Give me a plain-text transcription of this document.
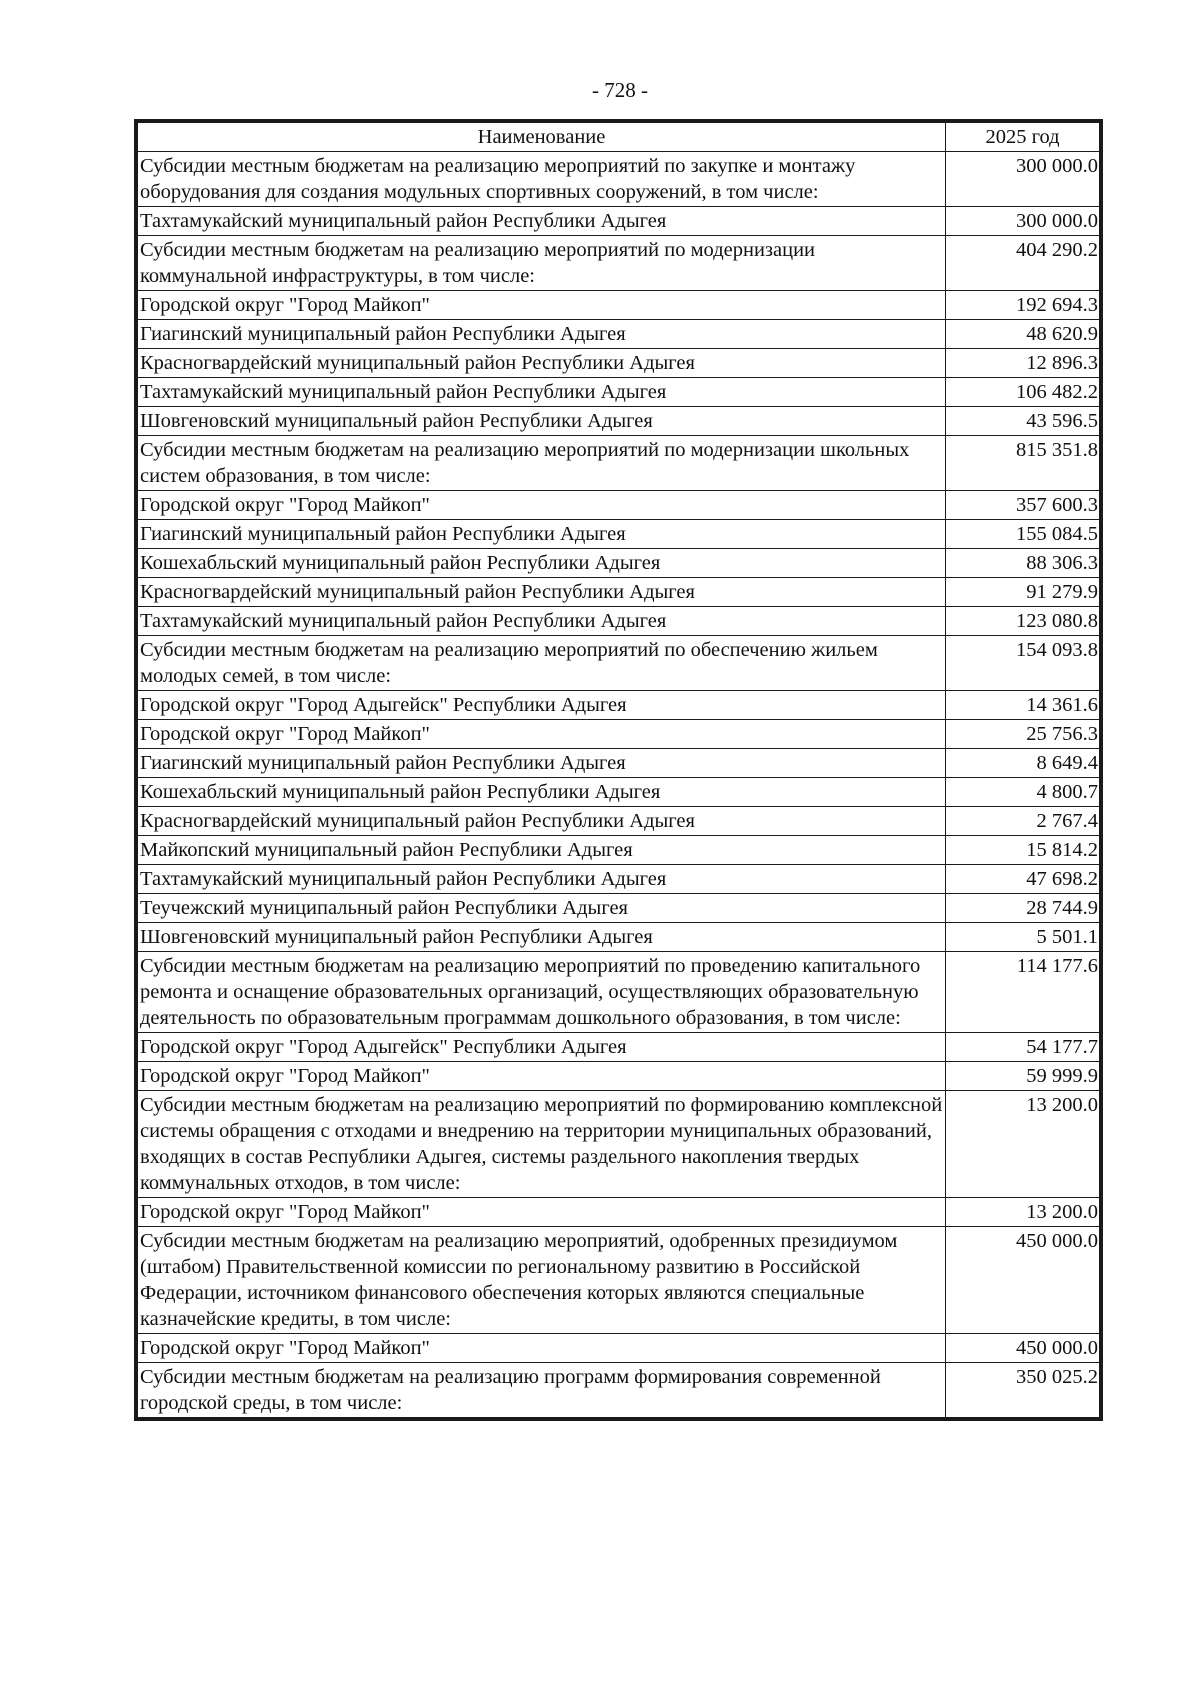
- 728 -
Наименование	2025 год
Субсидии местным бюджетам на реализацию мероприятий по закупке и монтажу оборудования для создания модульных спортивных сооружений, в том числе:	300 000.0
Тахтамукайский муниципальный район Республики Адыгея	300 000.0
Субсидии местным бюджетам на реализацию мероприятий по модернизации коммунальной инфраструктуры, в том числе:	404 290.2
Городской округ "Город Майкоп"	192 694.3
Гиагинский муниципальный район Республики Адыгея	48 620.9
Красногвардейский муниципальный район Республики Адыгея	12 896.3
Тахтамукайский муниципальный район Республики Адыгея	106 482.2
Шовгеновский муниципальный район Республики Адыгея	43 596.5
Субсидии местным бюджетам на реализацию мероприятий по модернизации школьных систем образования, в том числе:	815 351.8
Городской округ "Город Майкоп"	357 600.3
Гиагинский муниципальный район Республики Адыгея	155 084.5
Кошехабльский муниципальный район Республики Адыгея	88 306.3
Красногвардейский муниципальный район Республики Адыгея	91 279.9
Тахтамукайский муниципальный район Республики Адыгея	123 080.8
Субсидии местным бюджетам на реализацию мероприятий по обеспечению жильем молодых семей, в том числе:	154 093.8
Городской округ "Город Адыгейск" Республики Адыгея	14 361.6
Городской округ "Город Майкоп"	25 756.3
Гиагинский муниципальный район Республики Адыгея	8 649.4
Кошехабльский муниципальный район Республики Адыгея	4 800.7
Красногвардейский муниципальный район Республики Адыгея	2 767.4
Майкопский муниципальный район Республики Адыгея	15 814.2
Тахтамукайский муниципальный район Республики Адыгея	47 698.2
Теучежский муниципальный район Республики Адыгея	28 744.9
Шовгеновский муниципальный район Республики Адыгея	5 501.1
Субсидии местным бюджетам на реализацию мероприятий по проведению капитального ремонта и оснащение образовательных организаций, осуществляющих образовательную деятельность по образовательным программам дошкольного образования, в том числе:	114 177.6
Городской округ "Город Адыгейск" Республики Адыгея	54 177.7
Городской округ "Город Майкоп"	59 999.9
Субсидии местным бюджетам на реализацию мероприятий по формированию комплексной системы обращения с отходами и внедрению на территории муниципальных образований, входящих в состав Республики Адыгея, системы раздельного накопления твердых коммунальных отходов, в том числе:	13 200.0
Городской округ "Город Майкоп"	13 200.0
Субсидии местным бюджетам на реализацию мероприятий, одобренных президиумом (штабом) Правительственной комиссии по региональному развитию в Российской Федерации, источником финансового обеспечения которых являются специальные казначейские кредиты, в том числе:	450 000.0
Городской округ "Город Майкоп"	450 000.0
Субсидии местным бюджетам на реализацию программ формирования современной городской среды, в том числе:	350 025.2
